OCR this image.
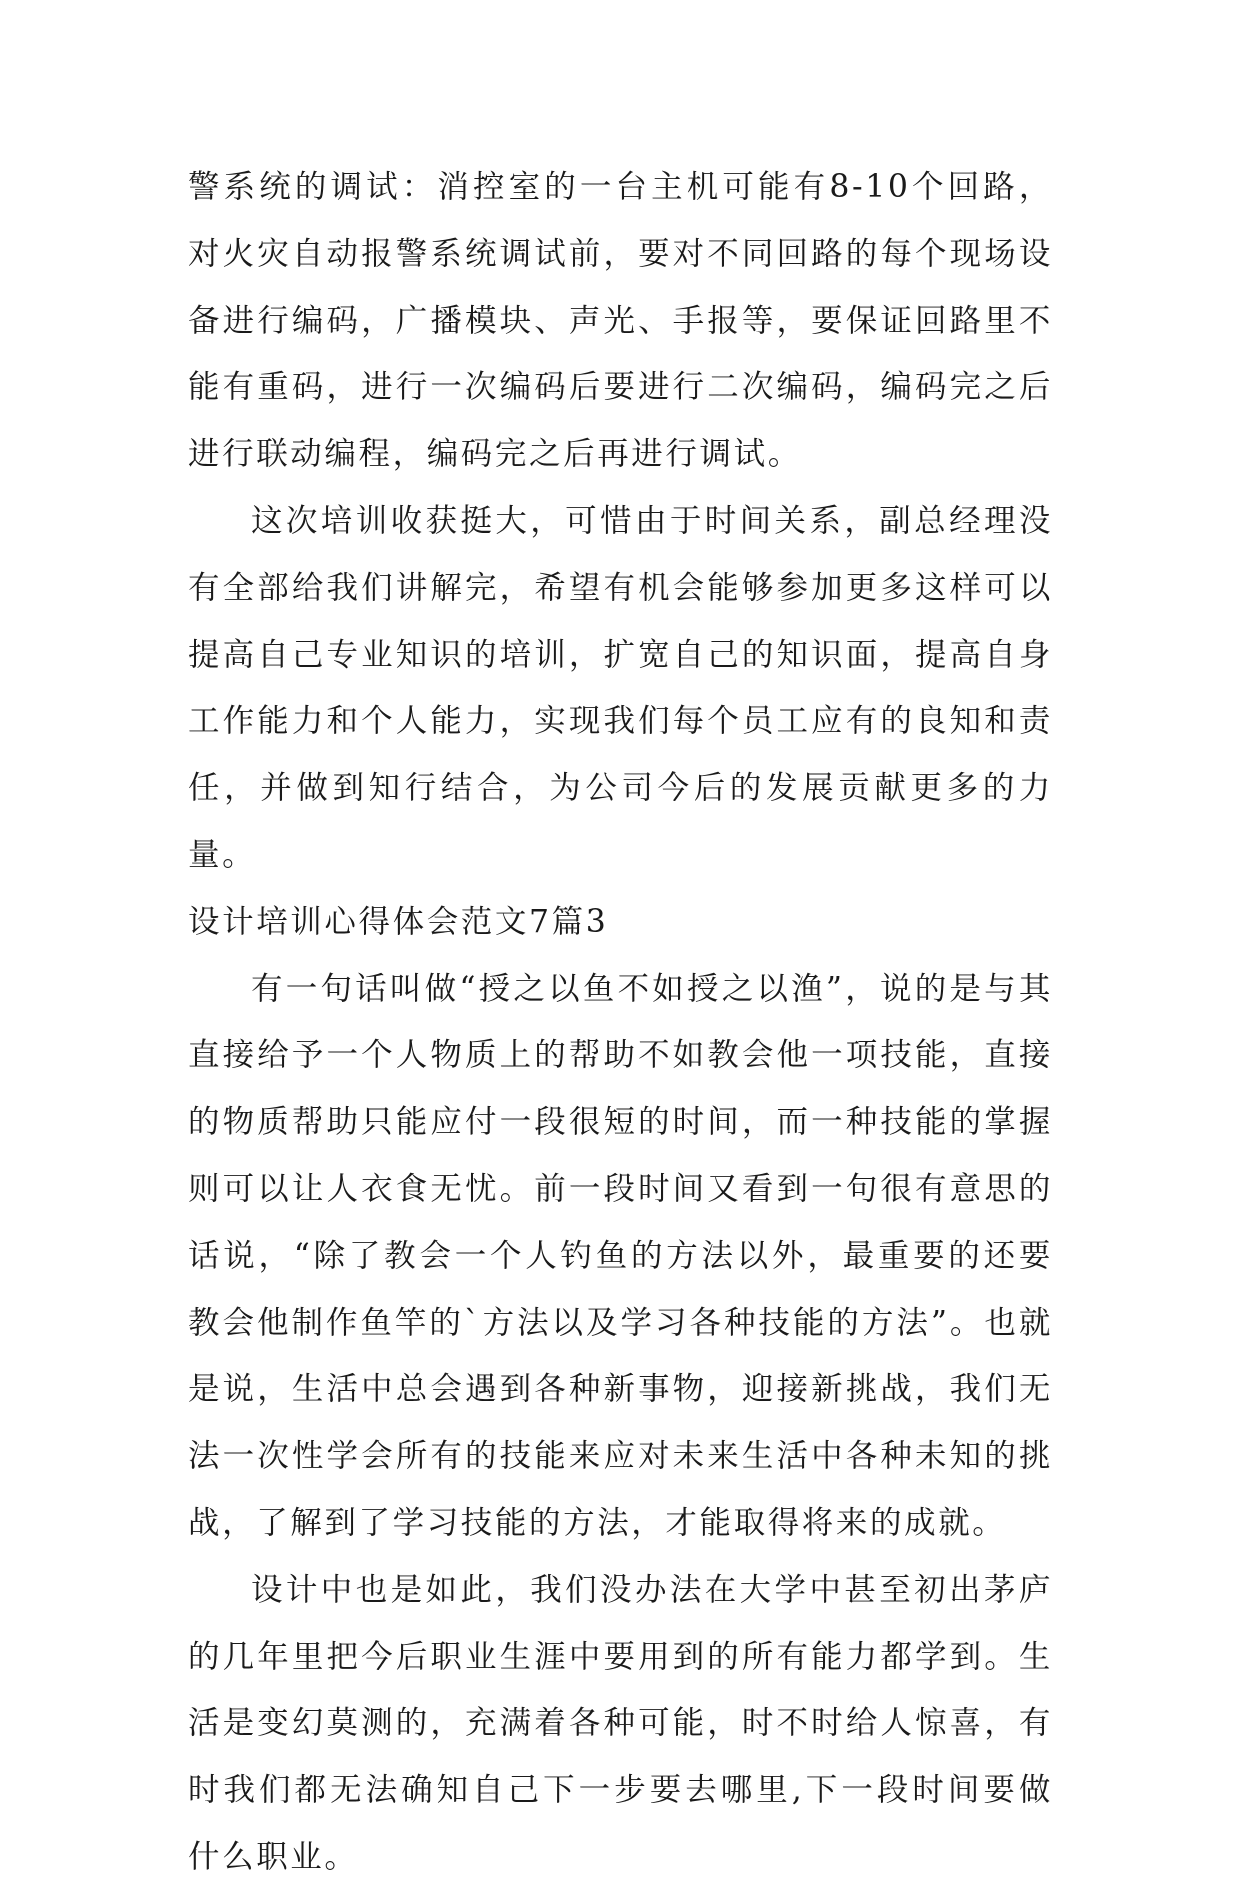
警系统的调试：消控室的一台主机可能有8-10个回路，对火灾自动报警系统调试前，要对不同回路的每个现场设备进行编码，广播模块、声光、手报等，要保证回路里不能有重码，进行一次编码后要进行二次编码，编码完之后进行联动编程，编码完之后再进行调试。

这次培训收获挺大，可惜由于时间关系，副总经理没有全部给我们讲解完，希望有机会能够参加更多这样可以提高自己专业知识的培训，扩宽自己的知识面，提高自身工作能力和个人能力，实现我们每个员工应有的良知和责任，并做到知行结合，为公司今后的发展贡献更多的力量。

设计培训心得体会范文7篇3

有一句话叫做“授之以鱼不如授之以渔”，说的是与其直接给予一个人物质上的帮助不如教会他一项技能，直接的物质帮助只能应付一段很短的时间，而一种技能的掌握则可以让人衣食无忧。前一段时间又看到一句很有意思的话说，“除了教会一个人钓鱼的方法以外，最重要的还要教会他制作鱼竿的`方法以及学习各种技能的方法”。也就是说，生活中总会遇到各种新事物，迎接新挑战，我们无法一次性学会所有的技能来应对未来生活中各种未知的挑战，了解到了学习技能的方法，才能取得将来的成就。

设计中也是如此，我们没办法在大学中甚至初出茅庐的几年里把今后职业生涯中要用到的所有能力都学到。生活是变幻莫测的，充满着各种可能，时不时给人惊喜，有时我们都无法确知自己下一步要去哪里,下一段时间要做什么职业。
